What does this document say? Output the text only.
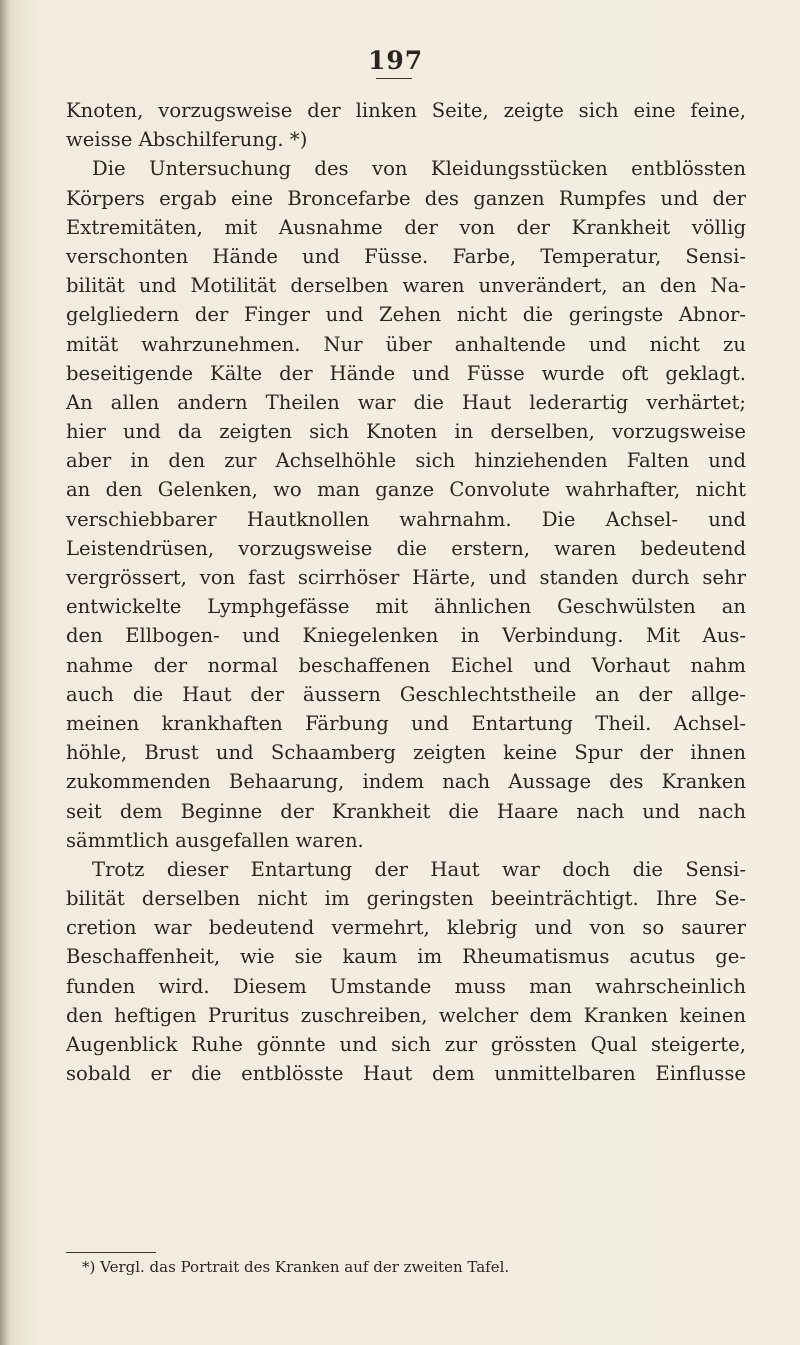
197
Knoten, vorzugsweise der linken Seite, zeigte sich eine feine,
weisse Abschilferung. *)
Die Untersuchung des von Kleidungsstücken entblössten
Körpers ergab eine Broncefarbe des ganzen Rumpfes und der
Extremitäten, mit Ausnahme der von der Krankheit völlig
verschonten Hände und Füsse. Farbe, Temperatur, Sensi-
bilität und Motilität derselben waren unverändert, an den Na-
gelgliedern der Finger und Zehen nicht die geringste Abnor-
mität wahrzunehmen. Nur über anhaltende und nicht zu
beseitigende Kälte der Hände und Füsse wurde oft geklagt.
An allen andern Theilen war die Haut lederartig verhärtet;
hier und da zeigten sich Knoten in derselben, vorzugsweise
aber in den zur Achselhöhle sich hinziehenden Falten und
an den Gelenken, wo man ganze Convolute wahrhafter, nicht
verschiebbarer Hautknollen wahrnahm. Die Achsel- und
Leistendrüsen, vorzugsweise die erstern, waren bedeutend
vergrössert, von fast scirrhöser Härte, und standen durch sehr
entwickelte Lymphgefässe mit ähnlichen Geschwülsten an
den Ellbogen- und Kniegelenken in Verbindung. Mit Aus-
nahme der normal beschaffenen Eichel und Vorhaut nahm
auch die Haut der äussern Geschlechtstheile an der allge-
meinen krankhaften Färbung und Entartung Theil. Achsel-
höhle, Brust und Schaamberg zeigten keine Spur der ihnen
zukommenden Behaarung, indem nach Aussage des Kranken
seit dem Beginne der Krankheit die Haare nach und nach
sämmtlich ausgefallen waren.
Trotz dieser Entartung der Haut war doch die Sensi-
bilität derselben nicht im geringsten beeinträchtigt. Ihre Se-
cretion war bedeutend vermehrt, klebrig und von so saurer
Beschaffenheit, wie sie kaum im Rheumatismus acutus ge-
funden wird. Diesem Umstande muss man wahrscheinlich
den heftigen Pruritus zuschreiben, welcher dem Kranken keinen
Augenblick Ruhe gönnte und sich zur grössten Qual steigerte,
sobald er die entblösste Haut dem unmittelbaren Einflusse
*) Vergl. das Portrait des Kranken auf der zweiten Tafel.
